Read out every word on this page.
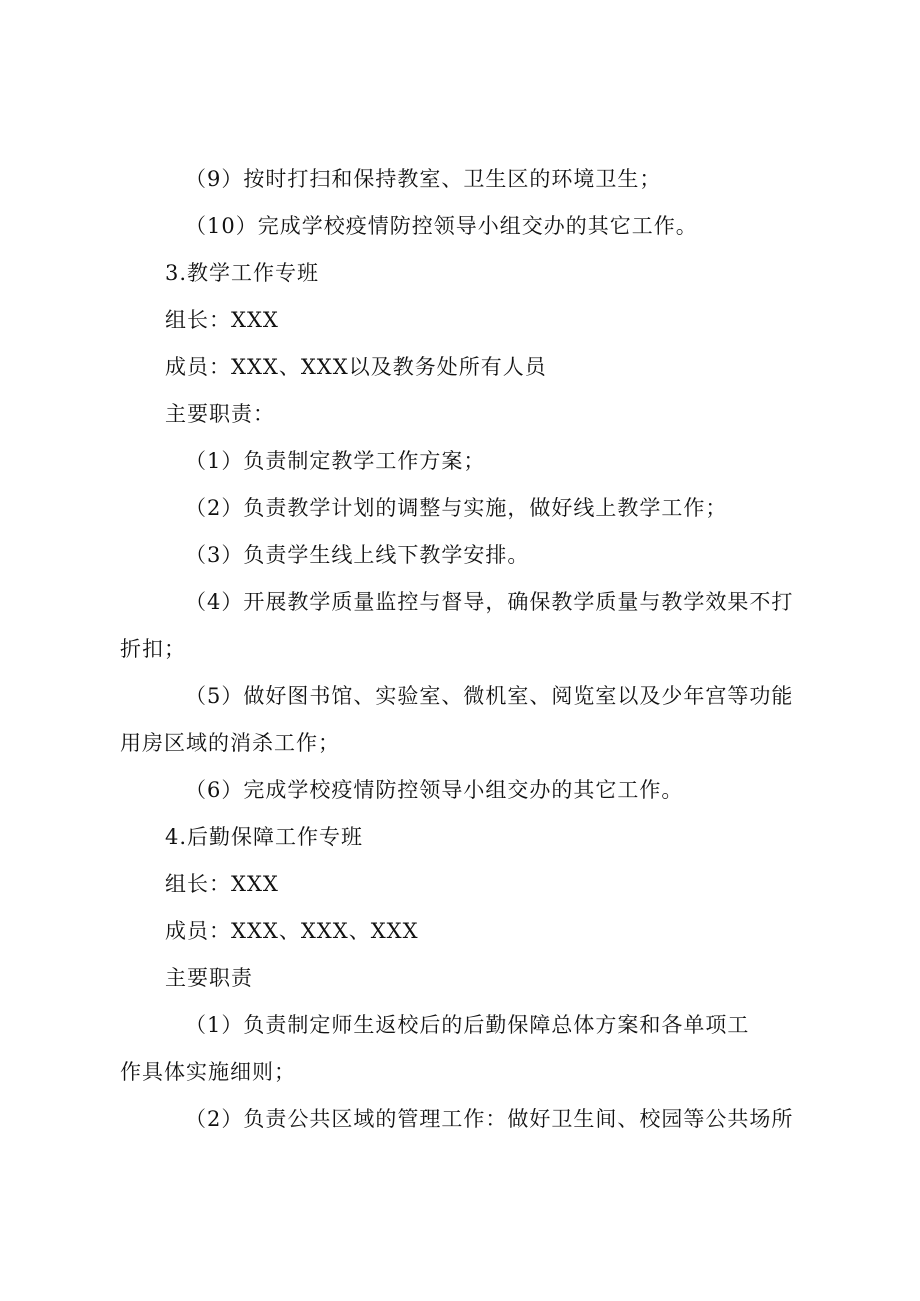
（9）按时打扫和保持教室、卫生区的环境卫生；
（10）完成学校疫情防控领导小组交办的其它工作。
3.教学工作专班
组长：XXX
成员：XXX、XXX以及教务处所有人员
主要职责：
（1）负责制定教学工作方案；
（2）负责教学计划的调整与实施，做好线上教学工作；
（3）负责学生线上线下教学安排。
（4）开展教学质量监控与督导，确保教学质量与教学效果不打折扣；
（5）做好图书馆、实验室、微机室、阅览室以及少年宫等功能用房区域的消杀工作；
（6）完成学校疫情防控领导小组交办的其它工作。
4.后勤保障工作专班
组长：XXX
成员：XXX、XXX、XXX
主要职责
（1）负责制定师生返校后的后勤保障总体方案和各单项工
作具体实施细则；
（2）负责公共区域的管理工作：做好卫生间、校园等公共场所
